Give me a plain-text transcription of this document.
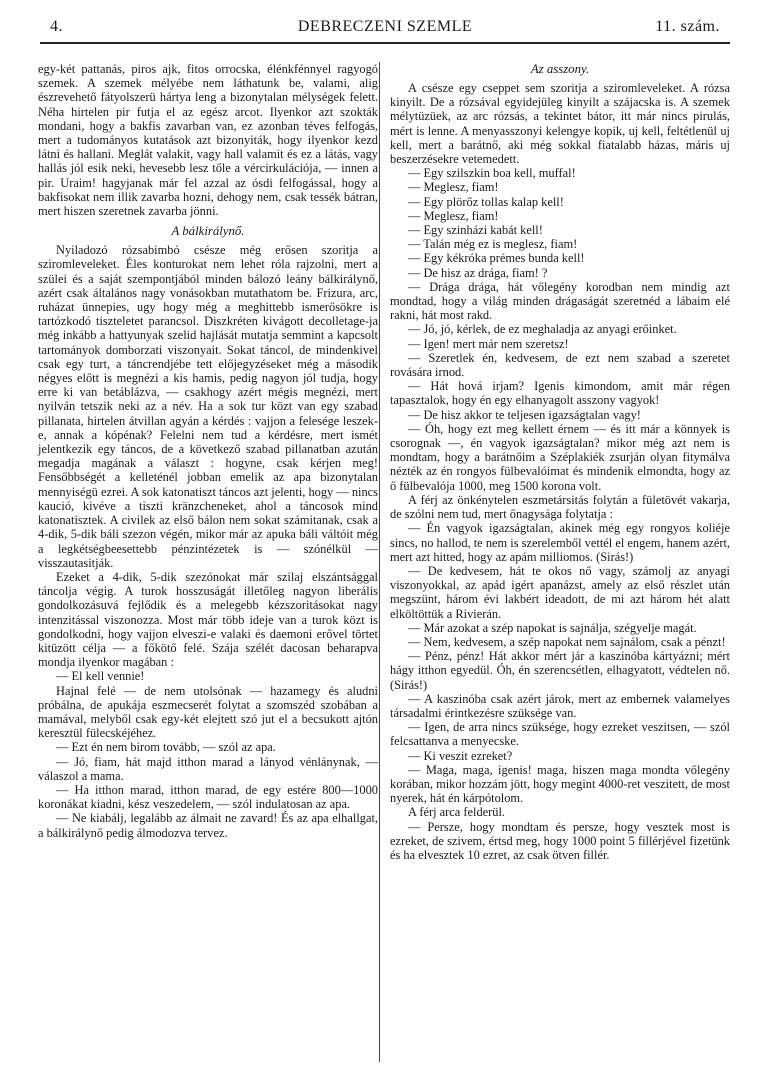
4.	DEBRECZENI SZEMLE	11. szám.

egy-két pattanás, piros ajk, fitos orrocska, élénkfénnyel ragyogó szemek. A szemek mélyébe nem láthatunk be, valami, alig észrevehető fátyolszerü hártya leng a bizonytalan mélységek felett. Néha hirtelen pir futja el az egész arcot. Ilyenkor azt szokták mondani, hogy a bakfis zavarban van, ez azonban téves felfogás, mert a tudományos kutatások azt bizonyiták, hogy ilyenkor kezd látni és hallani. Meglát valakit, vagy hall valamit és ez a látás, vagy hallás jól esik neki, hevesebb lesz tőle a vércirkulációja, — innen a pir. Uraim! hagyjanak már fel azzal az ósdi felfogással, hogy a bakfisokat nem illik zavarba hozni, dehogy nem, csak tessék bátran, mert hiszen szeretnek zavarba jönni.

A bálkirálynő.

Nyiladozó rózsabimbó csésze még erősen szoritja a sziromleveleket. Éles konturokat nem lehet róla rajzolni, mert a szülei és a saját szempontjából minden bálozó leány bálkirálynő, azért csak általános nagy vonásokban mutathatom be. Frizura, arc, ruházat ünnepies, ugy hogy még a meghittebb ismerősökre is tartózkodó tiszteletet parancsol. Diszkréten kivágott decolletage-ja még inkább a hattyunyak szelid hajlását mutatja semmint a kapcsolt tartományok domborzati viszonyait. Sokat táncol, de mindenkivel csak egy turt, a táncrendjébe tett előjegyzéseket még a második négyes előtt is megnézi a kis hamis, pedig nagyon jól tudja, hogy erre ki van betáblázva, — csakhogy azért mégis megnézi, mert nyilván tetszik neki az a név. Ha a sok tur közt van egy szabad pillanata, hirtelen átvillan agyán a kérdés : vajjon a felesége leszek-e, annak a kópénak? Felelni nem tud a kérdésre, mert ismét jelentkezik egy táncos, de a következő szabad pillanatban azután megadja magának a választ : hogyne, csak kérjen meg! Fensőbbségét a kelleténél jobban emelik az apa bizonytalan mennyiségü ezrei. A sok katonatiszt táncos azt jelenti, hogy — nincs kaució, kivéve a tiszti kränzcheneket, ahol a táncosok mind katonatisztek. A civilek az első bálon nem sokat számitanak, csak a 4-dik, 5-dik báli szezon végén, mikor már az apuka báli váltóit még a legkétségbeesettebb pénzintézetek is — szónélkül — visszautasitják.

Ezeket a 4-dik, 5-dik szezónokat már szilaj elszántsággal táncolja végig. A turok hosszuságát illetőleg nagyon liberális gondolkozásuvá fejlődik és a melegebb kézszoritásokat nagy intenzitással viszonozza. Most már több ideje van a turok közt is gondolkodni, hogy vajjon elveszi-e valaki és daemoni erővel törtet kitüzött célja — a főkötő felé. Szája szélét dacosan beharapva mondja ilyenkor magában :

— El kell vennie!

Hajnal felé — de nem utolsónak — hazamegy és aludni próbálna, de apukája eszmecserét folytat a szomszéd szobában a mamával, melyből csak egy-két elejtett szó jut el a becsukott ajtón keresztül fülecskéjéhez.

— Ezt én nem birom tovább, — szól az apa.

— Jó, fiam, hát majd itthon marad a lányod vénlánynak, — válaszol a mama.

— Ha itthon marad, itthon marad, de egy estére 800—1000 koronákat kiadni, kész veszedelem, — szól indulatosan az apa.

— Ne kiabálj, legalább az álmait ne zavard! És az apa elhallgat, a bálkirálynő pedig álmodozva tervez.

Az asszony.

A csésze egy cseppet sem szoritja a sziromleveleket. A rózsa kinyilt. De a rózsával egyidejüleg kinyilt a szájacska is. A szemek mélytüzüek, az arc rózsás, a tekintet bátor, itt már nincs pirulás, mért is lenne. A menyasszonyi kelengye kopik, uj kell, feltétlenül uj kell, mert a barátnő, aki még sokkal fiatalabb házas, máris uj beszerzésekre vetemedett.

— Egy szilszkin boa kell, muffal!

— Meglesz, fiam!

— Egy plörőz tollas kalap kell!

— Meglesz, fiam!

— Egy szinházi kabát kell!

— Talán még ez is meglesz, fiam!

— Egy kékróka prémes bunda kell!

— De hisz az drága, fiam! ?

— Drága drága, hát vőlegény korodban nem mindig azt mondtad, hogy a világ minden drágaságát szeretnéd a lábaim elé rakni, hát most rakd.

— Jó, jó, kérlek, de ez meghaladja az anyagi erőinket.

— Igen! mert már nem szeretsz!

— Szeretlek én, kedvesem, de ezt nem szabad a szeretet rovására irnod.

— Hát hová irjam? Igenis kimondom, amit már régen tapasztalok, hogy én egy elhanyagolt asszony vagyok!

— De hisz akkor te teljesen igazságtalan vagy!

— Óh, hogy ezt meg kellett érnem — és itt már a könnyek is csorognak —, én vagyok igazságtalan? mikor még azt nem is mondtam, hogy a barátnőim a Széplakiék zsurján olyan fitymálva nézték az én rongyos fülbevalóimat és mindenik elmondta, hogy az ő fülbevalója 1000, meg 1500 korona volt.

A férj az önkénytelen eszmetársitás folytán a fületövét vakarja, de szólni nem tud, mert őnagysága folytatja :

— Én vagyok igazságtalan, akinek még egy rongyos koliéje sincs, no hallod, te nem is szerelemből vettél el engem, hanem azért, mert azt hitted, hogy az apám milliomos. (Sirás!)

— De kedvesem, hát te okos nő vagy, számolj az anyagi viszonyokkal, az apád igért apanázst, amely az első részlet után megszünt, három évi lakbért ideadott, de mi azt három hét alatt elköltöttük a Rivierán.

— Már azokat a szép napokat is sajnálja, szégyelje magát.

— Nem, kedvesem, a szép napokat nem sajnálom, csak a pénzt!

— Pénz, pénz! Hát akkor mért jár a kaszinóba kártyázni; mért hágy itthon egyedül. Óh, én szerencsétlen, elhagyatott, védtelen nő. (Sirás!)

— A kaszinóba csak azért járok, mert az embernek valamelyes társadalmi érintkezésre szüksége van.

— Igen, de arra nincs szüksége, hogy ezreket veszitsen, — szól felcsattanva a menyecske.

— Ki veszit ezreket?

— Maga, maga, igenis! maga, hiszen maga mondta vőlegény korában, mikor hozzám jött, hogy megint 4000-ret veszitett, de most nyerek, hát én kárpótolom.

A férj arca felderül.

— Persze, hogy mondtam és persze, hogy vesztek most is ezreket, de szivem, értsd meg, hogy 1000 point 5 fillérjével fizetünk és ha elvesztek 10 ezret, az csak ötven fillér.
